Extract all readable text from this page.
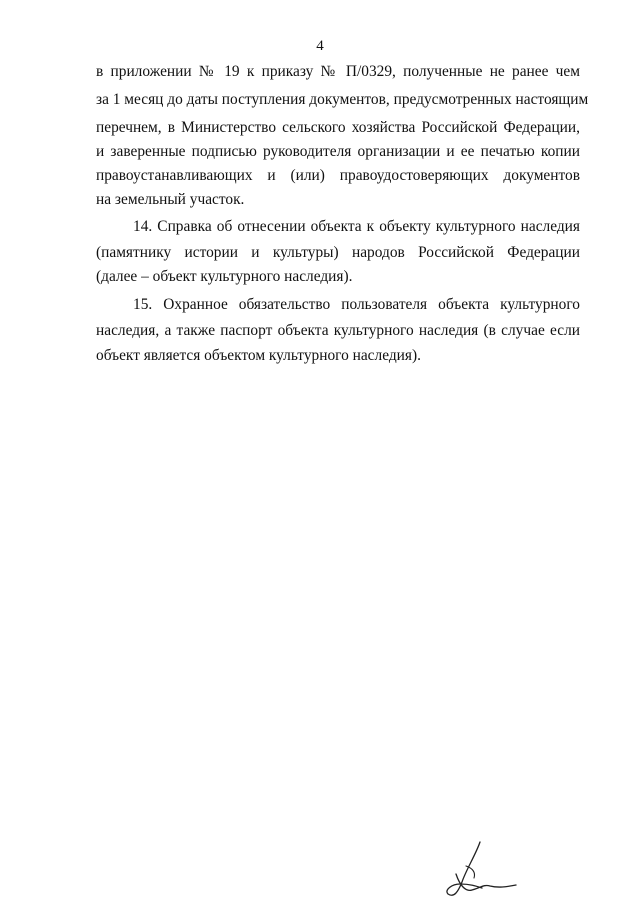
4
в приложении № 19 к приказу № П/0329, полученные не ранее чем
за 1 месяц до даты поступления документов, предусмотренных настоящим
перечнем, в Министерство сельского хозяйства Российской Федерации,
и заверенные подписью руководителя организации и ее печатью копии
правоустанавливающих и (или) правоудостоверяющих документов
на земельный участок.
14. Справка об отнесении объекта к объекту культурного наследия
(памятнику истории и культуры) народов Российской Федерации
(далее – объект культурного наследия).
15. Охранное обязательство пользователя объекта культурного
наследия, а также паспорт объекта культурного наследия (в случае если
объект является объектом культурного наследия).
